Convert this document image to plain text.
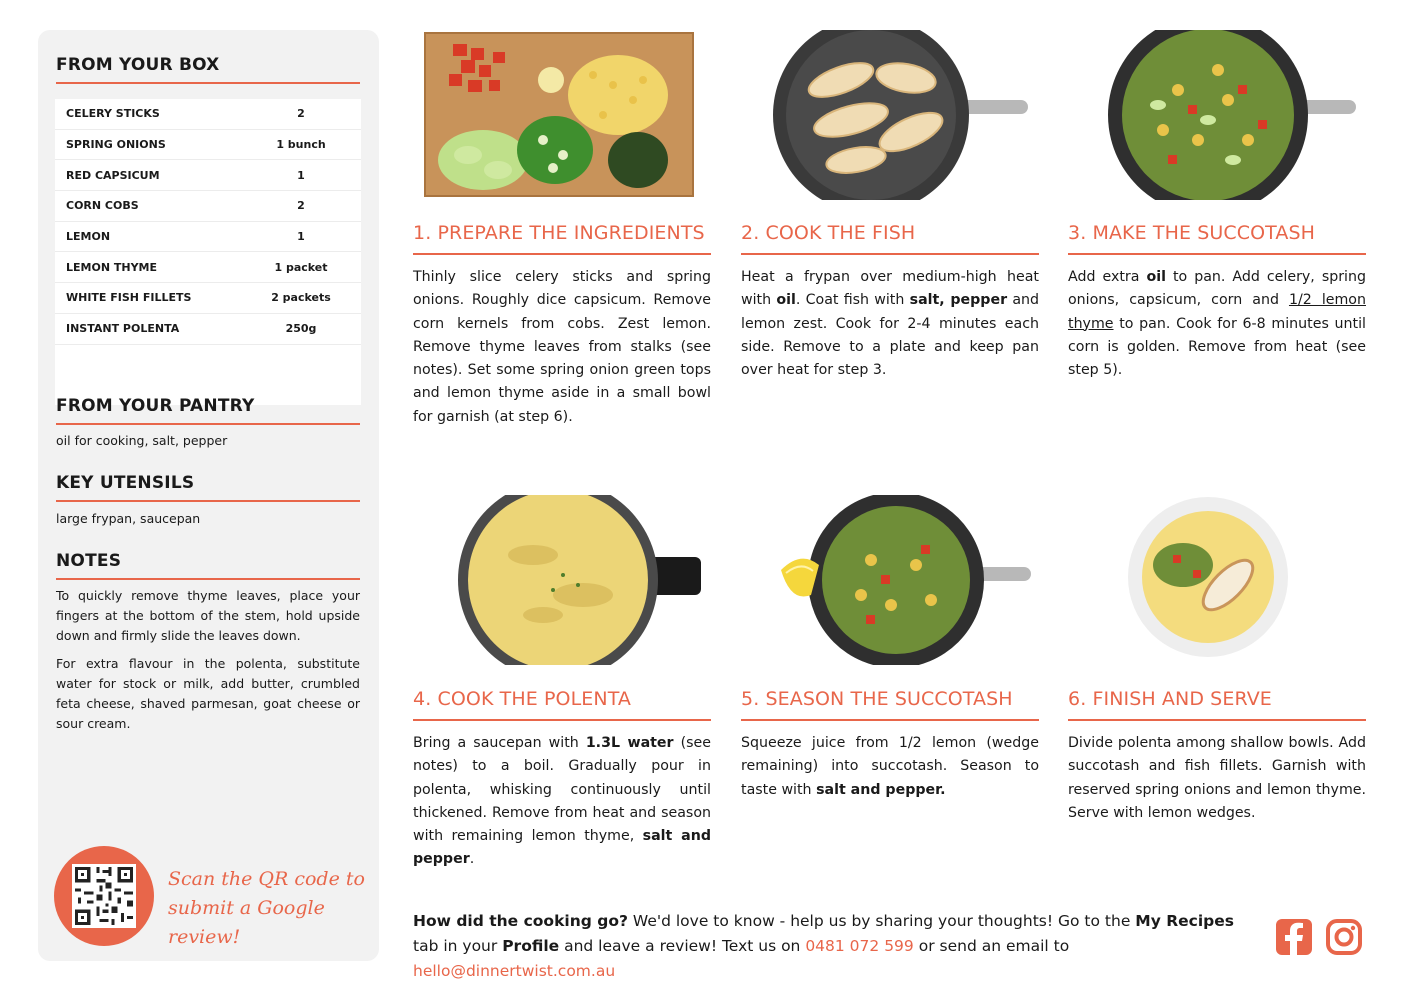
FROM YOUR BOX
CELERY STICKS	2
SPRING ONIONS	1 bunch
RED CAPSICUM	1
CORN COBS	2
LEMON	1
LEMON THYME	1 packet
WHITE FISH FILLETS	2 packets
INSTANT POLENTA	250g
FROM YOUR PANTRY
oil for cooking, salt, pepper
KEY UTENSILS
large frypan, saucepan
NOTES

To quickly remove thyme leaves, place your fingers at the bottom of the stem, hold upside down and firmly slide the leaves down.

For extra flavour in the polenta, substitute water for stock or milk, add butter, crumbled feta cheese, shaved parmesan, goat cheese or sour cream.

Scan the QR code to
submit a Google review!
1. PREPARE THE INGREDIENTS
Thinly slice celery sticks and spring onions. Roughly dice capsicum. Remove corn kernels from cobs. Zest lemon. Remove thyme leaves from stalks (see notes). Set some spring onion green tops and lemon thyme aside in a small bowl for garnish (at step 6).
2. COOK THE FISH
Heat a frypan over medium-high heat with oil. Coat fish with salt, pepper and lemon zest. Cook for 2-4 minutes each side. Remove to a plate and keep pan over heat for step 3.
3. MAKE THE SUCCOTASH
Add extra oil to pan. Add celery, spring onions, capsicum, corn and 1/2 lemon thyme to pan. Cook for 6-8 minutes until corn is golden. Remove from heat (see step 5).
4. COOK THE POLENTA
Bring a saucepan with 1.3L water (see notes) to a boil. Gradually pour in polenta, whisking continuously until thickened. Remove from heat and season with remaining lemon thyme, salt and pepper.
5. SEASON THE SUCCOTASH
Squeeze juice from 1/2 lemon (wedge remaining) into succotash. Season to taste with salt and pepper.
6. FINISH AND SERVE
Divide polenta among shallow bowls. Add succotash and fish fillets. Garnish with reserved spring onions and lemon thyme. Serve with lemon wedges.
How did the cooking go? We'd love to know - help us by sharing your thoughts! Go to the My Recipes tab in your Profile and leave a review! Text us on 0481 072 599 or send an email to hello@dinnertwist.com.au
